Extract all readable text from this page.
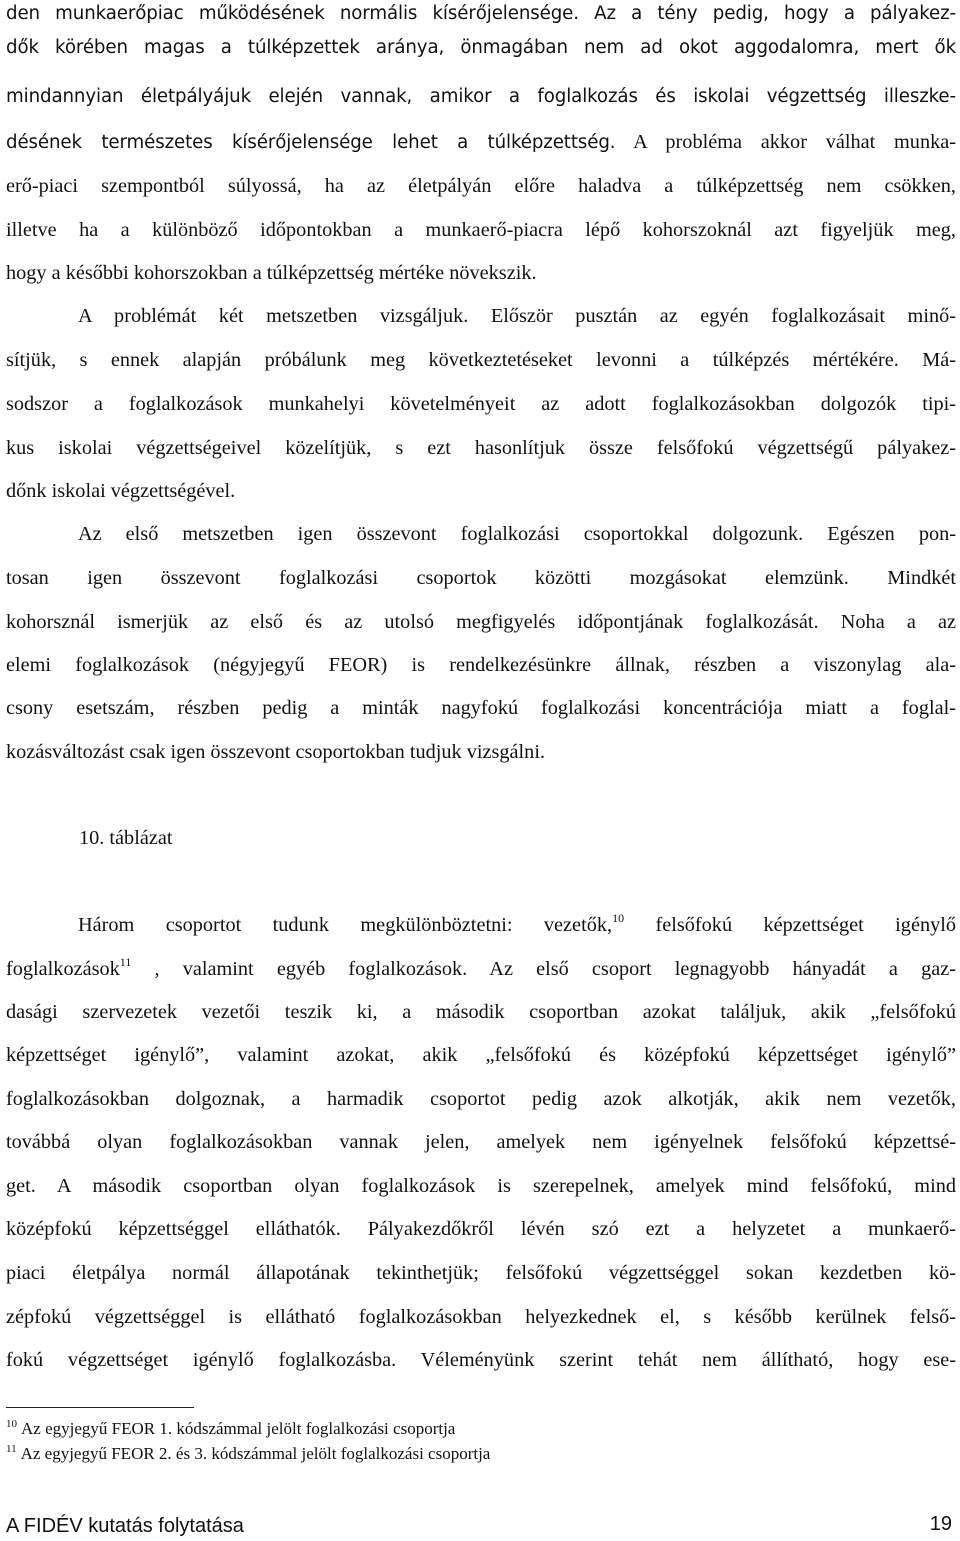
den munkaerőpiac működésének normális kísérőjelensége. Az a tény pedig, hogy a pályakez-
dők körében magas a túlképzettek aránya, önmagában nem ad okot aggodalomra, mert ők
mindannyian életpályájuk elején vannak, amikor a foglalkozás és iskolai végzettség illeszke-
désének természetes kísérőjelensége lehet a túlképzettség. A probléma akkor válhat munka-
erő-piaci szempontból súlyossá, ha az életpályán előre haladva a túlképzettség nem csökken,
illetve ha a különböző időpontokban a munkaerő-piacra lépő kohorszoknál azt figyeljük meg,
hogy a későbbi kohorszokban a túlképzettség mértéke növekszik.
A problémát két metszetben vizsgáljuk. Először pusztán az egyén foglalkozásait minő-
sítjük, s ennek alapján próbálunk meg következtetéseket levonni a túlképzés mértékére. Má-
sodszor a foglalkozások munkahelyi követelményeit az adott foglalkozásokban dolgozók tipi-
kus iskolai végzettségeivel közelítjük, s ezt hasonlítjuk össze felsőfokú végzettségű pályakez-
dőnk iskolai végzettségével.
Az első metszetben igen összevont foglalkozási csoportokkal dolgozunk. Egészen pon-
tosan igen összevont foglalkozási csoportok közötti mozgásokat elemzünk. Mindkét
kohorsznál ismerjük az első és az utolsó megfigyelés időpontjának foglalkozását. Noha a az
elemi foglalkozások (négyjegyű FEOR) is rendelkezésünkre állnak, részben a viszonylag ala-
csony esetszám, részben pedig a minták nagyfokú foglalkozási koncentrációja miatt a foglal-
kozásváltozást csak igen összevont csoportokban tudjuk vizsgálni.
10. táblázat
Három csoportot tudunk megkülönböztetni: vezetők,$^{10}$ felsőfokú képzettséget igénylő
foglalkozások$^{11}$ , valamint egyéb foglalkozások. Az első csoport legnagyobb hányadát a gaz-
dasági szervezetek vezetői teszik ki, a második csoportban azokat találjuk, akik „felsőfokú
képzettséget igénylő”, valamint azokat, akik „felsőfokú és középfokú képzettséget igénylő”
foglalkozásokban dolgoznak, a harmadik csoportot pedig azok alkotják, akik nem vezetők,
továbbá olyan foglalkozásokban vannak jelen, amelyek nem igényelnek felsőfokú képzettsé-
get. A második csoportban olyan foglalkozások is szerepelnek, amelyek mind felsőfokú, mind
középfokú képzettséggel elláthatók. Pályakezdőkről lévén szó ezt a helyzetet a munkaerő-
piaci életpálya normál állapotának tekinthetjük; felsőfokú végzettséggel sokan kezdetben kö-
zépfokú végzettséggel is ellátható foglalkozásokban helyezkednek el, s később kerülnek felső-
fokú végzettséget igénylő foglalkozásba. Véleményünk szerint tehát nem állítható, hogy ese-
$^{10}$ Az egyjegyű FEOR 1. kódszámmal jelölt foglalkozási csoportja
$^{11}$ Az egyjegyű FEOR 2. és 3. kódszámmal jelölt foglalkozási csoportja
A FIDÉV kutatás folytatása	19
